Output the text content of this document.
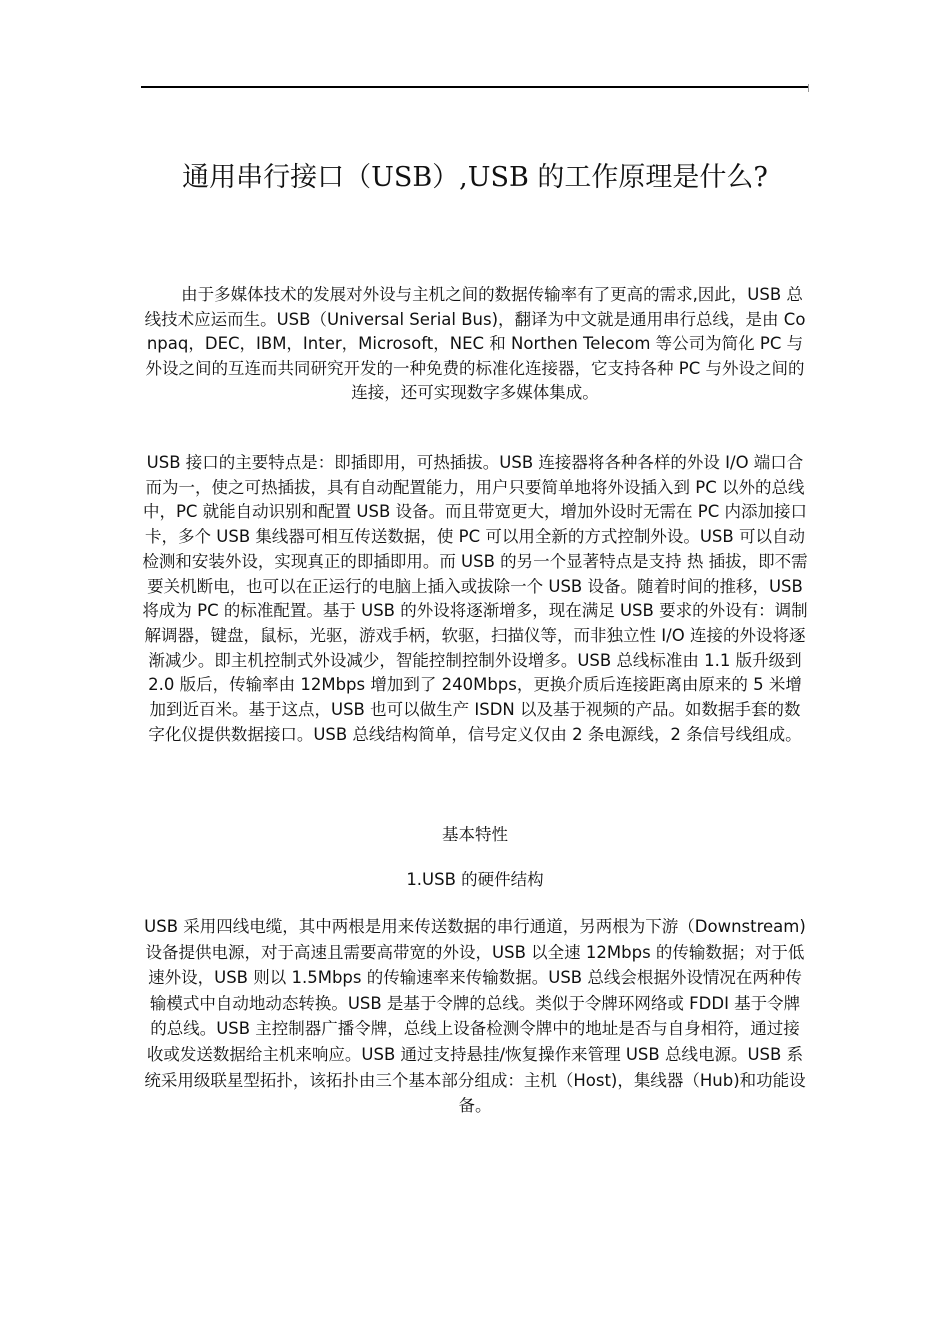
通用串行接口（USB）,USB 的工作原理是什么?

由于多媒体技术的发展对外设与主机之间的数据传输率有了更高的需求,因此，USB 总线技术应运而生。USB（Universal Serial Bus)，翻译为中文就是通用串行总线，是由 Conpaq，DEC，IBM，Inter，Microsoft，NEC 和 Northen Telecom 等公司为简化 PC 与外设之间的互连而共同研究开发的一种免费的标准化连接器，它支持各种 PC 与外设之间的连接，还可实现数字多媒体集成。

USB 接口的主要特点是：即插即用，可热插拔。USB 连接器将各种各样的外设 I/O 端口合而为一，使之可热插拔，具有自动配置能力，用户只要简单地将外设插入到 PC 以外的总线中，PC 就能自动识别和配置 USB 设备。而且带宽更大，增加外设时无需在 PC 内添加接口卡，多个 USB 集线器可相互传送数据，使 PC 可以用全新的方式控制外设。USB 可以自动检测和安装外设，实现真正的即插即用。而 USB 的另一个显著特点是支持 热 插拔，即不需要关机断电，也可以在正运行的电脑上插入或拔除一个 USB 设备。随着时间的推移，USB 将成为 PC 的标准配置。基于 USB 的外设将逐渐增多，现在满足 USB 要求的外设有：调制解调器，键盘，鼠标，光驱，游戏手柄，软驱，扫描仪等，而非独立性 I/O 连接的外设将逐渐减少。即主机控制式外设减少，智能控制控制外设增多。USB 总线标准由 1.1 版升级到 2.0 版后，传输率由 12Mbps 增加到了 240Mbps，更换介质后连接距离由原来的 5 米增加到近百米。基于这点，USB 也可以做生产 ISDN 以及基于视频的产品。如数据手套的数字化仪提供数据接口。USB 总线结构简单，信号定义仅由 2 条电源线，2 条信号线组成。

基本特性
1.USB 的硬件结构

USB 采用四线电缆，其中两根是用来传送数据的串行通道，另两根为下游（Downstream)设备提供电源，对于高速且需要高带宽的外设，USB 以全速 12Mbps 的传输数据；对于低速外设，USB 则以 1.5Mbps 的传输速率来传输数据。USB 总线会根据外设情况在两种传输模式中自动地动态转换。USB 是基于令牌的总线。类似于令牌环网络或 FDDI 基于令牌的总线。USB 主控制器广播令牌，总线上设备检测令牌中的地址是否与自身相符，通过接收或发送数据给主机来响应。USB 通过支持悬挂/恢复操作来管理 USB 总线电源。USB 系统采用级联星型拓扑，该拓扑由三个基本部分组成：主机（Host)，集线器（Hub)和功能设备。
